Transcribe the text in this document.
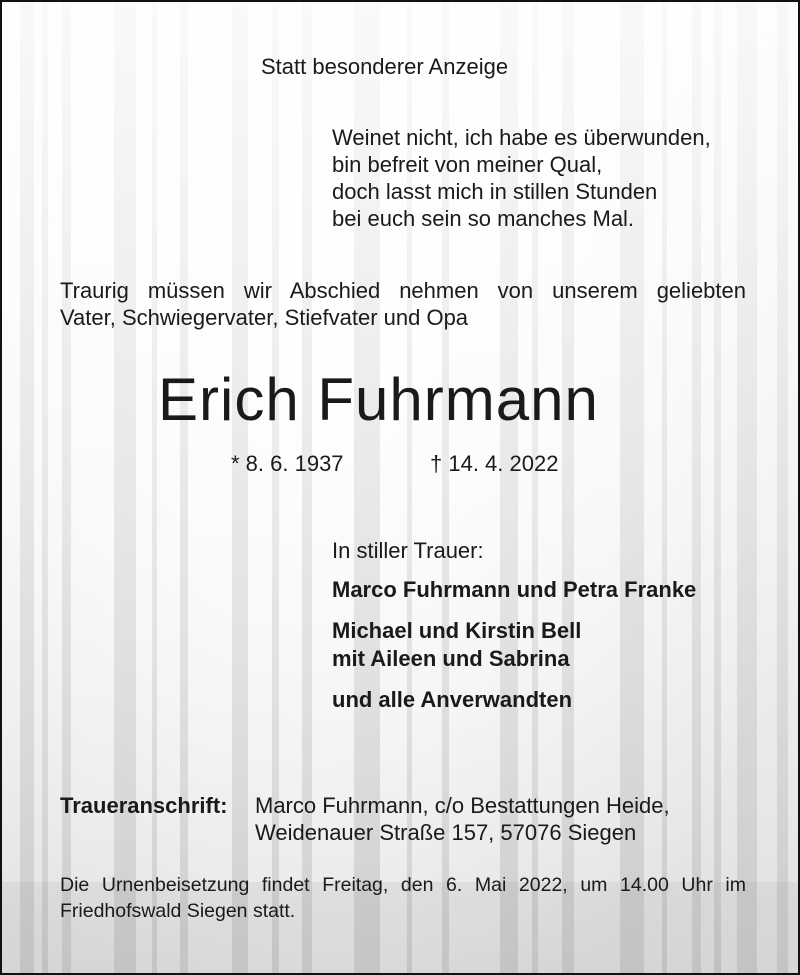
Statt besonderer Anzeige

Weinet nicht, ich habe es überwunden,

bin befreit von meiner Qual,

doch lasst mich in stillen Stunden

bei euch sein so manches Mal.

Traurig müssen wir Abschied nehmen von unserem geliebten

Vater, Schwiegervater, Stiefvater und Opa

Erich Fuhrmann

* 8. 6. 1937	† 14. 4. 2022

In stiller Trauer:

Marco Fuhrmann und Petra Franke

Michael und Kirstin Bell

mit Aileen und Sabrina

und alle Anverwandten

Traueranschrift: Marco Fuhrmann, c/o Bestattungen Heide,

Weidenauer Straße 157, 57076 Siegen

Die Urnenbeisetzung findet Freitag, den 6. Mai 2022, um 14.00 Uhr im

Friedhofswald Siegen statt.
